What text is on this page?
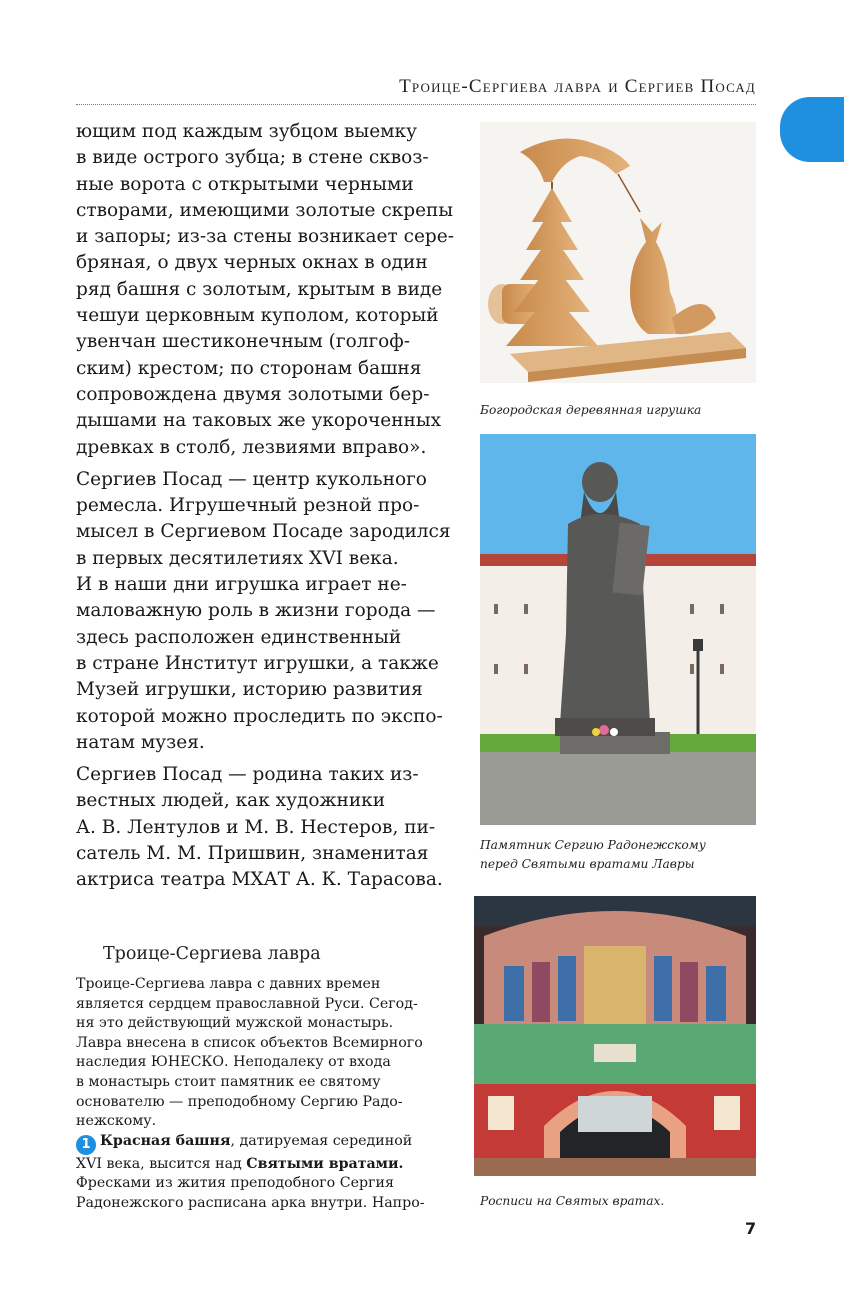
Троице-Сергиева лавра и Сергиев Посад

ющим под каждым зубцом выемку
в виде острого зубца; в стене сквоз-
ные ворота с открытыми черными
створами, имеющими золотые скрепы
и запоры; из-за стены возникает сере-
бряная, о двух черных окнах в один
ряд башня с золотым, крытым в виде
чешуи церковным куполом, который
увенчан шестиконечным (голгоф-
ским) крестом; по сторонам башня
сопровождена двумя золотыми бер-
дышами на таковых же укороченных
древках в столб, лезвиями вправо».

Сергиев Посад — центр кукольного
ремесла. Игрушечный резной про-
мысел в Сергиевом Посаде зародился
в первых десятилетиях XVI века.
И в наши дни игрушка играет не-
маловажную роль в жизни города —
здесь расположен единственный
в стране Институт игрушки, а также
Музей игрушки, историю развития
которой можно проследить по экспо-
натам музея.

Сергиев Посад — родина таких из-
вестных людей, как художники
А. В. Лентулов и М. В. Нестеров, пи-
сатель М. М. Пришвин, знаменитая
актриса театра МХАТ А. К. Тарасова.

Троице-Сергиева лавра

Троице-Сергиева лавра с давних времен
является сердцем православной Руси. Сегод-
ня это действующий мужской монастырь.
Лавра внесена в список объектов Всемирного
наследия ЮНЕСКО. Неподалеку от входа
в монастырь стоит памятник ее святому
основателю — преподобному Сергию Радо-
нежскому.

1 Красная башня, датируемая серединой
XVI века, высится над Святыми вратами.
Фресками из жития преподобного Сергия
Радонежского расписана арка внутри. Напро-

Богородская деревянная игрушка
Памятник Сергию Радонежскому
перед Святыми вратами Лавры
Росписи на Святых вратах.
7
